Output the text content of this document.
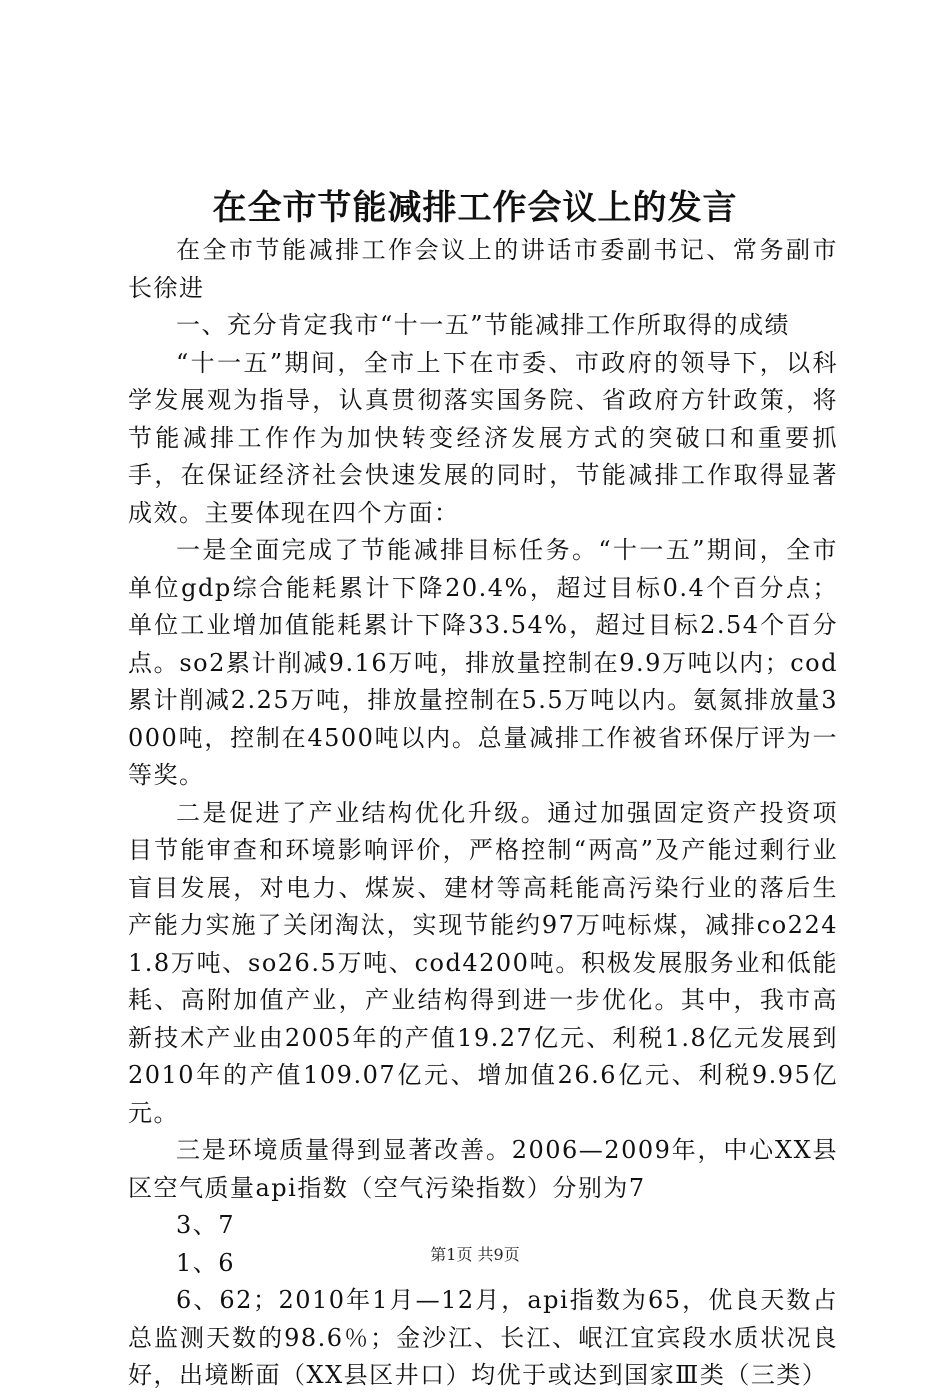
在全市节能减排工作会议上的发言

在全市节能减排工作会议上的讲话市委副书记、常务副市长徐进

一、充分肯定我市“十一五”节能减排工作所取得的成绩

“十一五”期间，全市上下在市委、市政府的领导下，以科学发展观为指导，认真贯彻落实国务院、省政府方针政策，将节能减排工作作为加快转变经济发展方式的突破口和重要抓手，在保证经济社会快速发展的同时，节能减排工作取得显著成效。主要体现在四个方面：

一是全面完成了节能减排目标任务。“十一五”期间，全市单位gdp综合能耗累计下降20.4%，超过目标0.4个百分点；单位工业增加值能耗累计下降33.54%，超过目标2.54个百分点。so2累计削减9.16万吨，排放量控制在9.9万吨以内；cod累计削减2.25万吨，排放量控制在5.5万吨以内。氨氮排放量3000吨，控制在4500吨以内。总量减排工作被省环保厅评为一等奖。

二是促进了产业结构优化升级。通过加强固定资产投资项目节能审查和环境影响评价，严格控制“两高”及产能过剩行业盲目发展，对电力、煤炭、建材等高耗能高污染行业的落后生产能力实施了关闭淘汰，实现节能约97万吨标煤，减排co2241.8万吨、so26.5万吨、cod4200吨。积极发展服务业和低能耗、高附加值产业，产业结构得到进一步优化。其中，我市高新技术产业由2005年的产值19.27亿元、利税1.8亿元发展到2010年的产值109.07亿元、增加值26.6亿元、利税9.95亿元。

三是环境质量得到显著改善。2006—2009年，中心XX县区空气质量api指数（空气污染指数）分别为7

3、7

1、6

6、62；2010年1月—12月，api指数为65，优良天数占总监测天数的98.6％；金沙江、长江、岷江宜宾段水质状况良好，出境断面（XX县区井口）均优于或达到国家Ⅲ类（三类）

第1页 共9页
